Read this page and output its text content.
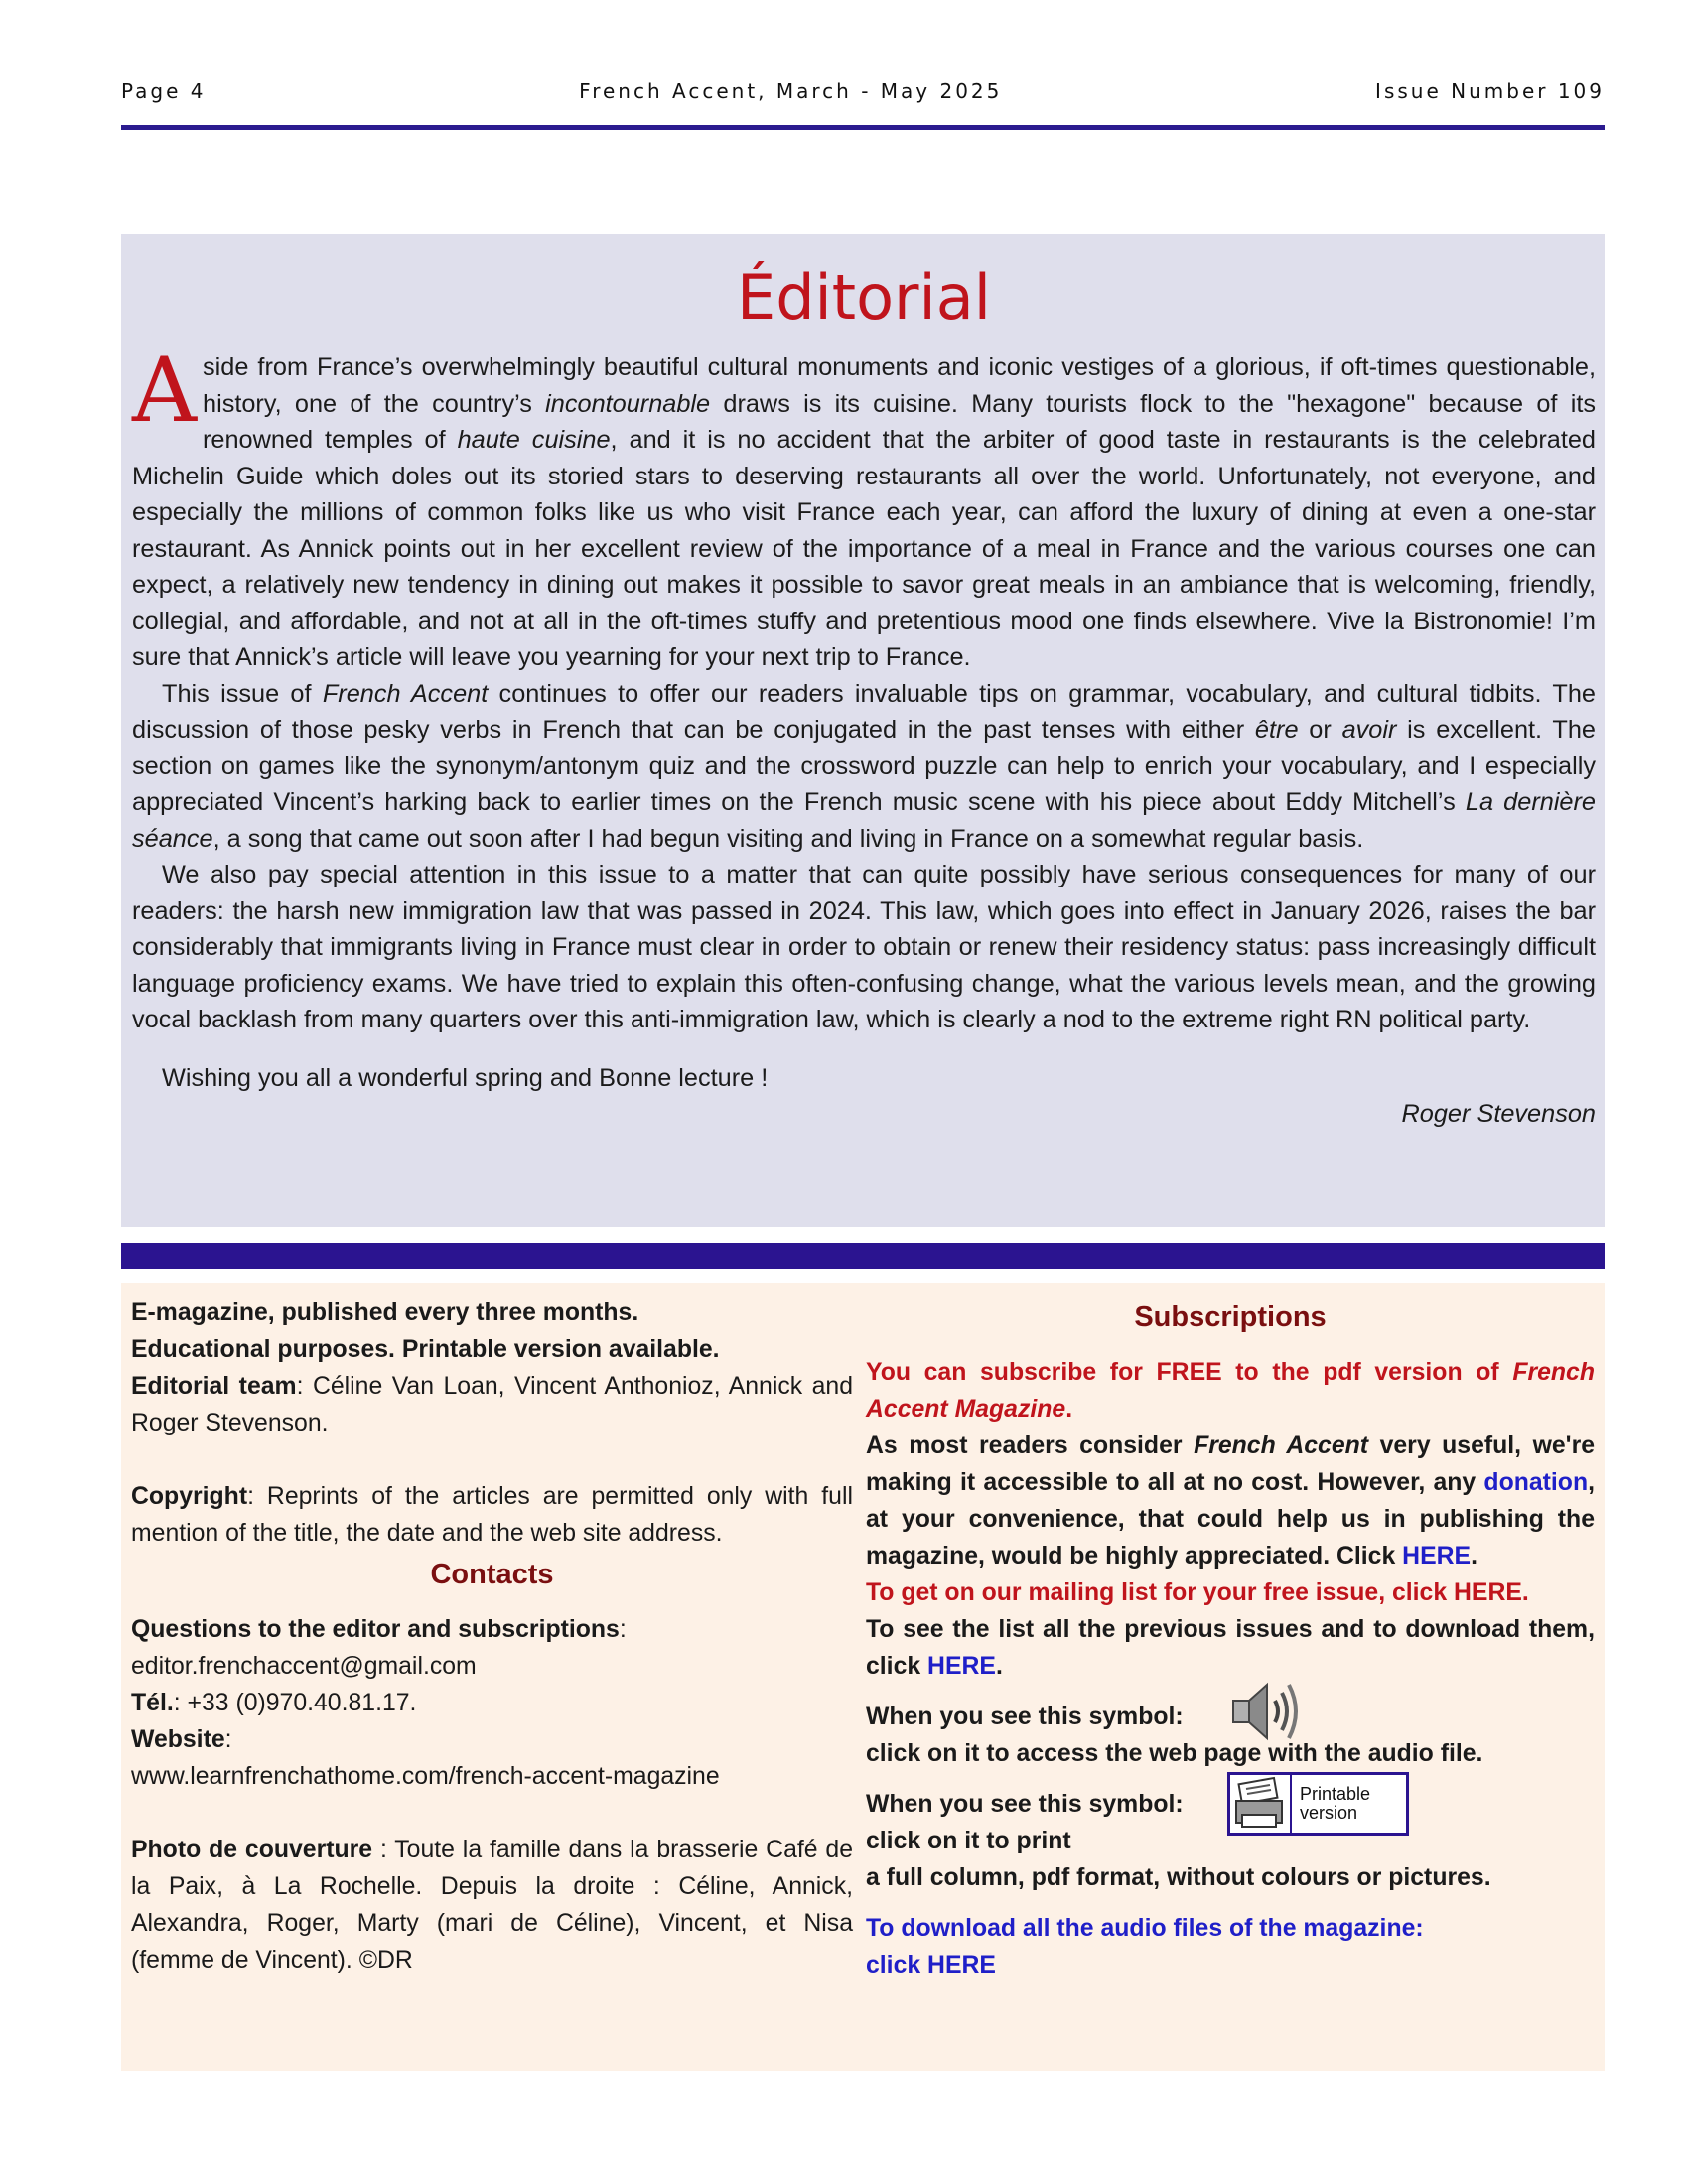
Page 4	French Accent, March - May 2025	Issue Number 109
Éditorial

Aside from France’s overwhelmingly beautiful cultural monuments and iconic vestiges of a glorious, if oft-times questionable, history, one of the country’s incontournable draws is its cuisine. Many tourists flock to the "hexagone" because of its renowned temples of haute cuisine, and it is no accident that the arbiter of good taste in restaurants is the celebrated Michelin Guide which doles out its storied stars to deserving restaurants all over the world. Unfortunately, not everyone, and especially the millions of common folks like us who visit France each year, can afford the luxury of dining at even a one-star restaurant. As Annick points out in her excellent review of the importance of a meal in France and the various courses one can expect, a relatively new tendency in dining out makes it possible to savor great meals in an ambiance that is welcoming, friendly, collegial, and affordable, and not at all in the oft-times stuffy and pretentious mood one finds elsewhere. Vive la Bistronomie! I’m sure that Annick’s article will leave you yearning for your next trip to France.

This issue of French Accent continues to offer our readers invaluable tips on grammar, vocabulary, and cultural tidbits. The discussion of those pesky verbs in French that can be conjugated in the past tenses with either être or avoir is excellent. The section on games like the synonym/antonym quiz and the crossword puzzle can help to enrich your vocabulary, and I especially appreciated Vincent’s harking back to earlier times on the French music scene with his piece about Eddy Mitchell’s La dernière séance, a song that came out soon after I had begun visiting and living in France on a somewhat regular basis.

We also pay special attention in this issue to a matter that can quite possibly have serious consequences for many of our readers: the harsh new immigration law that was passed in 2024. This law, which goes into effect in January 2026, raises the bar considerably that immigrants living in France must clear in order to obtain or renew their residency status: pass increasingly difficult language proficiency exams. We have tried to explain this often-confusing change, what the various levels mean, and the growing vocal backlash from many quarters over this anti-immigration law, which is clearly a nod to the extreme right RN political party.

Wishing you all a wonderful spring and Bonne lecture !

Roger Stevenson

E-magazine, published every three months.

Educational purposes. Printable version available.

Editorial team: Céline Van Loan, Vincent Anthonioz, Annick and Roger Stevenson.

Copyright: Reprints of the articles are permitted only with full mention of the title, the date and the web site address.

Contacts

Questions to the editor and subscriptions:

editor.frenchaccent@gmail.com

Tél.: +33 (0)970.40.81.17.

Website:

www.learnfrenchathome.com/french-accent-magazine

Photo de couverture : Toute la famille dans la brasserie Café de la Paix, à La Rochelle. Depuis la droite : Céline, Annick, Alexandra, Roger, Marty (mari de Céline), Vincent, et Nisa (femme de Vincent). ©DR

Subscriptions

You can subscribe for FREE to the pdf version of French Accent Magazine.

As most readers consider French Accent very useful, we're making it accessible to all at no cost. However, any donation, at your convenience, that could help us in publishing the magazine, would be highly appreciated. Click HERE.

To get on our mailing list for your free issue, click HERE.

To see the list all the previous issues and to download them, click HERE.

When you see this symbol:

click on it to access the web page with the audio file.

When you see this symbol:	Printable
version

click on it to print

a full column, pdf format, without colours or pictures.

To download all the audio files of the magazine:

click HERE
